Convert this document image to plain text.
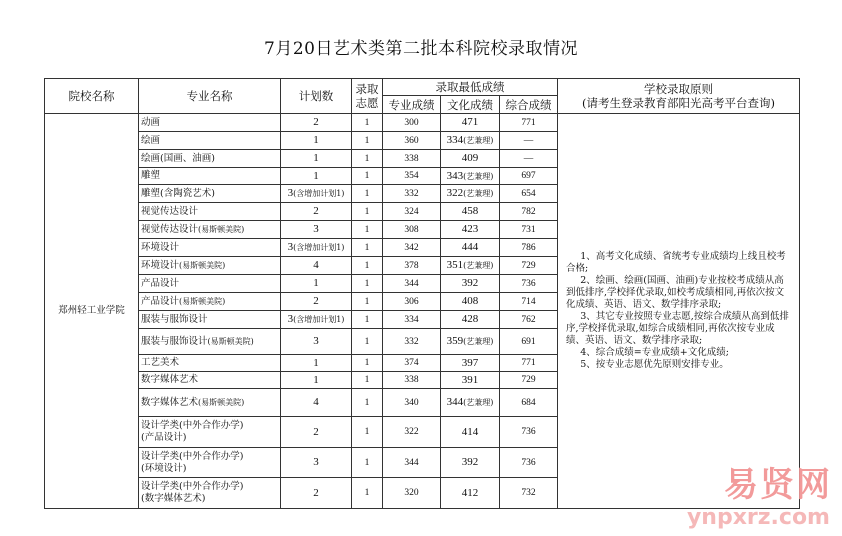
7月20日艺术类第二批本科院校录取情况
院校名称	专业名称	计划数	录取
志愿	录取最低成绩			学校录取原则
(请考生登录教育部阳光高考平台查询)
				专业成绩	文化成绩	综合成绩	
郑州轻工业学院	动画	2	1	300	471	771	1、高考文化成绩、省统考专业成绩均上线且校考合格;

2、绘画、绘画(国画、油画)专业按校考成绩从高到低排序,学校择优录取,如校考成绩相同,再依次按文化成绩、英语、语文、数学排序录取;

3、其它专业按照专业志愿,按综合成绩从高到低排序,学校择优录取,如综合成绩相同,再依次按专业成绩、英语、语文、数学排序录取;

4、综合成绩=专业成绩+文化成绩;

5、按专业志愿优先原则安排专业。

	绘画	1	1	360	334(艺兼理)	—	
	绘画(国画、油画)	1	1	338	409	—	
	雕塑	1	1	354	343(艺兼理)	697	
	雕塑(含陶瓷艺术)	3(含增加计划1)	1	332	322(艺兼理)	654	
	视觉传达设计	2	1	324	458	782	
	视觉传达设计(易斯顿美院)	3	1	308	423	731	
	环境设计	3(含增加计划1)	1	342	444	786	
	环境设计(易斯顿美院)	4	1	378	351(艺兼理)	729	
	产品设计	1	1	344	392	736	
	产品设计(易斯顿美院)	2	1	306	408	714	
	服装与服饰设计	3(含增加计划1)	1	334	428	762	
	服装与服饰设计(易斯顿美院)	3	1	332	359(艺兼理)	691	
	工艺美术	1	1	374	397	771	
	数字媒体艺术	1	1	338	391	729	
	数字媒体艺术(易斯顿美院)	4	1	340	344(艺兼理)	684	
	设计学类(中外合作办学)
(产品设计)	2	1	322	414	736	
	设计学类(中外合作办学)
(环境设计)	3	1	344	392	736	
	设计学类(中外合作办学)
(数字媒体艺术)	2	1	320	412	732		易贤网
ynpxrz.com
